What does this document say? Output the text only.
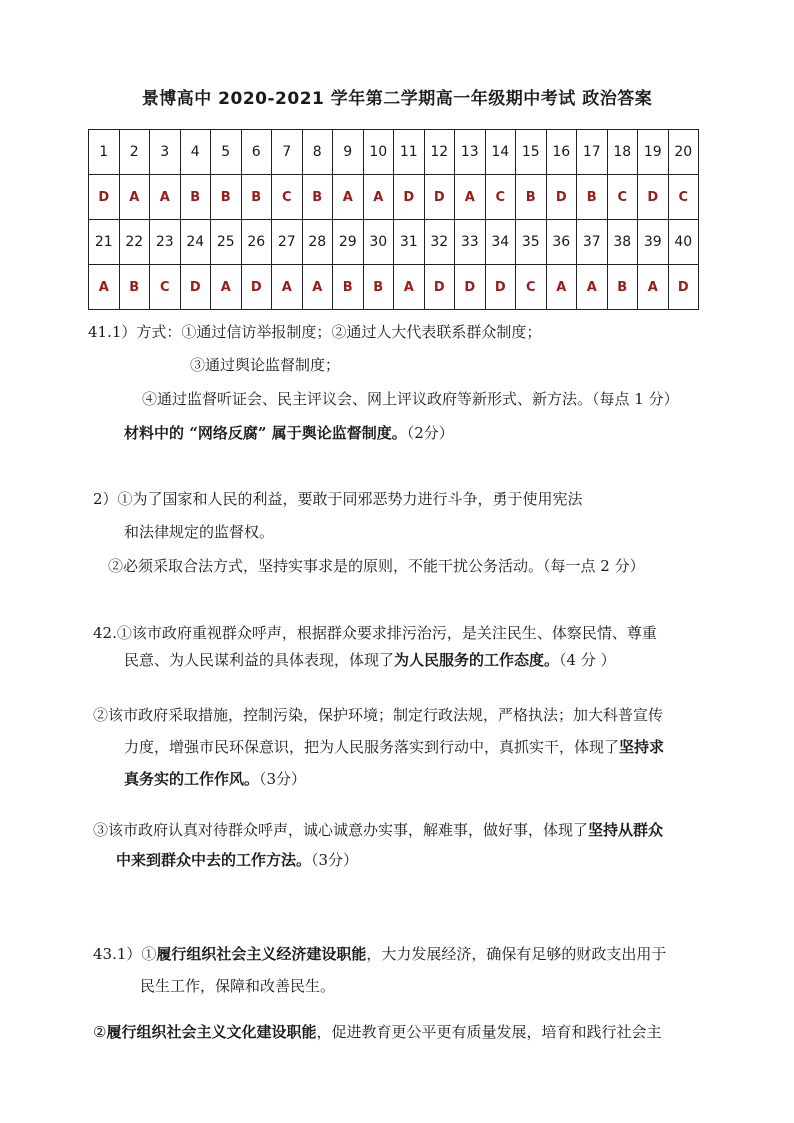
景博高中 2020-2021 学年第二学期高一年级期中考试 政治答案
1	2	3	4	5	6	7	8	9	10	11	12	13	14	15	16	17	18	19	20
D	A	A	B	B	B	C	B	A	A	D	D	A	C	B	D	B	C	D	C
21	22	23	24	25	26	27	28	29	30	31	32	33	34	35	36	37	38	39	40
A	B	C	D	A	D	A	A	B	B	A	D	D	D	C	A	A	B	A	D
41.1）方式：①通过信访举报制度；②通过人大代表联系群众制度；
③通过舆论监督制度；
④通过监督听证会、民主评议会、网上评议政府等新形式、新方法。（每点 1 分）
材料中的 “网络反腐” 属于舆论监督制度。（2分）
2）①为了国家和人民的利益，要敢于同邪恶势力进行斗争，勇于使用宪法
和法律规定的监督权。
②必须采取合法方式，坚持实事求是的原则，不能干扰公务活动。（每一点 2 分）
42.①该市政府重视群众呼声，根据群众要求排污治污，是关注民生、体察民情、尊重
民意、为人民谋利益的具体表现，体现了为人民服务的工作态度。（4 分 ）
②该市政府采取措施，控制污染，保护环境；制定行政法规，严格执法；加大科普宣传
力度，增强市民环保意识，把为人民服务落实到行动中，真抓实干，体现了坚持求
真务实的工作作风。（3分）
③该市政府认真对待群众呼声，诚心诚意办实事，解难事，做好事，体现了坚持从群众
中来到群众中去的工作方法。（3分）
43.1）①履行组织社会主义经济建设职能，大力发展经济，确保有足够的财政支出用于
民生工作，保障和改善民生。
②履行组织社会主义文化建设职能，促进教育更公平更有质量发展，培育和践行社会主
